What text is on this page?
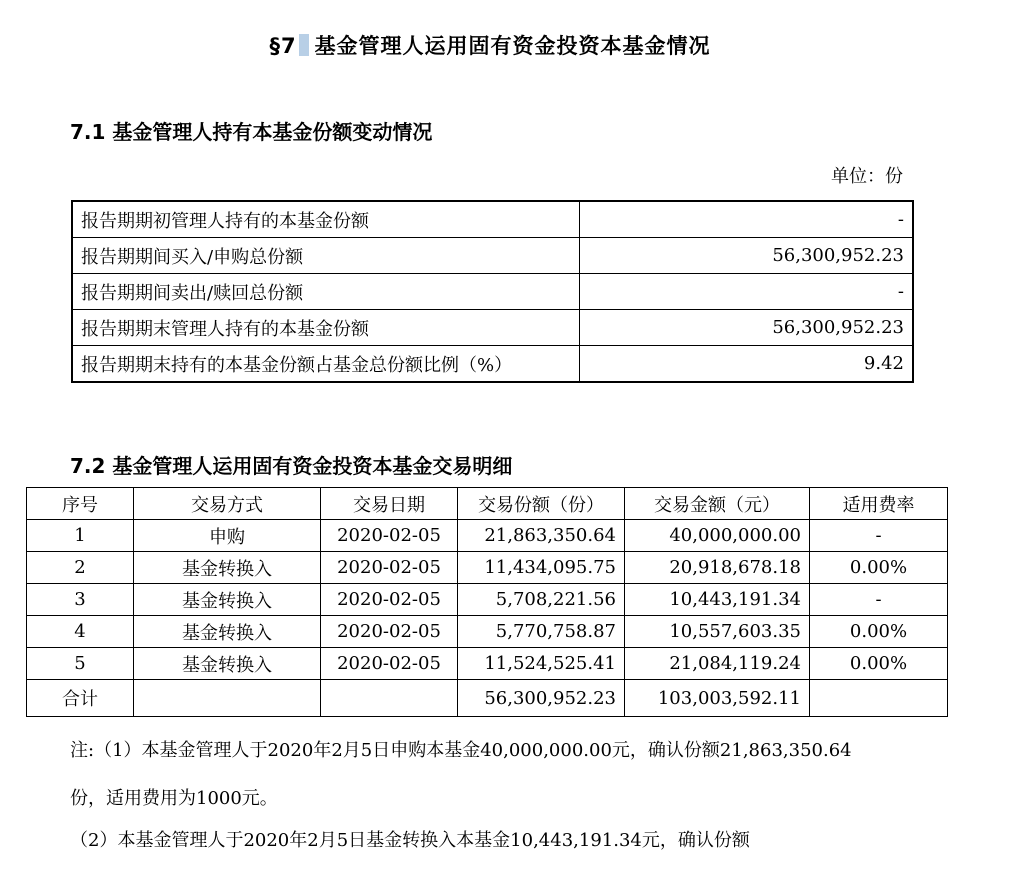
§7 基金管理人运用固有资金投资本基金情况
7.1 基金管理人持有本基金份额变动情况
单位：份
报告期期初管理人持有的本基金份额	-
报告期期间买入/申购总份额	56,300,952.23
报告期期间卖出/赎回总份额	-
报告期期末管理人持有的本基金份额	56,300,952.23
报告期期末持有的本基金份额占基金总份额比例（%）	9.42
7.2 基金管理人运用固有资金投资本基金交易明细
序号	交易方式	交易日期	交易份额（份）	交易金额（元）	适用费率
1	申购	2020-02-05	21,863,350.64	40,000,000.00	-
2	基金转换入	2020-02-05	11,434,095.75	20,918,678.18	0.00%
3	基金转换入	2020-02-05	5,708,221.56	10,443,191.34	-
4	基金转换入	2020-02-05	5,770,758.87	10,557,603.35	0.00%
5	基金转换入	2020-02-05	11,524,525.41	21,084,119.24	0.00%
合计			56,300,952.23	103,003,592.11	
注:（1）本基金管理人于2020年2月5日申购本基金40,000,000.00元，确认份额21,863,350.64
份，适用费用为1000元。
（2）本基金管理人于2020年2月5日基金转换入本基金10,443,191.34元，确认份额
